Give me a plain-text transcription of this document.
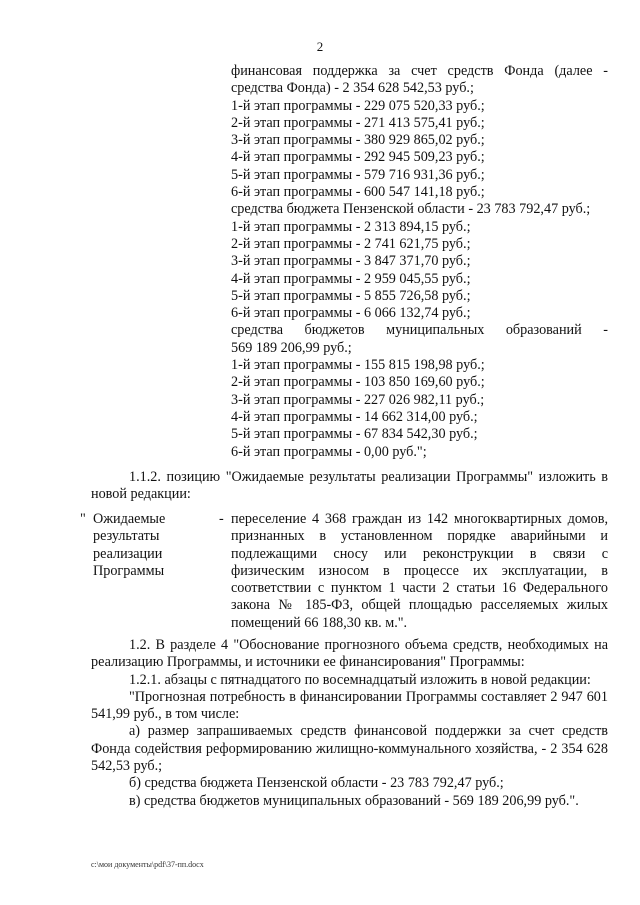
2
финансовая поддержка за счет средств Фонда (далее -
средства Фонда) - 2 354 628 542,53 руб.;
1-й этап программы - 229 075 520,33 руб.;
2-й этап программы - 271 413 575,41 руб.;
3-й этап программы - 380 929 865,02 руб.;
4-й этап программы - 292 945 509,23 руб.;
5-й этап программы - 579 716 931,36 руб.;
6-й этап программы - 600 547 141,18 руб.;
средства бюджета Пензенской области - 23 783 792,47 руб.;
1-й этап программы - 2 313 894,15 руб.;
2-й этап программы - 2 741 621,75 руб.;
3-й этап программы - 3 847 371,70 руб.;
4-й этап программы - 2 959 045,55 руб.;
5-й этап программы - 5 855 726,58 руб.;
6-й этап программы - 6 066 132,74 руб.;
средства бюджетов муниципальных образований -
569 189 206,99 руб.;
1-й этап программы - 155 815 198,98 руб.;
2-й этап программы - 103 850 169,60 руб.;
3-й этап программы - 227 026 982,11 руб.;
4-й этап программы - 14 662 314,00 руб.;
5-й этап программы - 67 834 542,30 руб.;
6-й этап программы - 0,00 руб.";

1.1.2. позицию "Ожидаемые результаты реализации Программы" изложить в новой редакции:

" Ожидаемые
результаты
реализации
Программы
- переселение 4 368 граждан из 142 многоквартирных домов, признанных в установленном порядке аварийными и подлежащими сносу или реконструкции в связи с физическим износом в процессе их эксплуатации, в соответствии с пунктом 1 части 2 статьи 16 Федерального закона № 185-ФЗ, общей площадью расселяемых жилых помещений 66 188,30 кв. м.".

1.2. В разделе 4 "Обоснование прогнозного объема средств, необходимых на реализацию Программы, и источники ее финансирования" Программы:

1.2.1. абзацы с пятнадцатого по восемнадцатый изложить в новой редакции:

"Прогнозная потребность в финансировании Программы составляет 2 947 601 541,99 руб., в том числе:

а) размер запрашиваемых средств финансовой поддержки за счет средств Фонда содействия реформированию жилищно-коммунального хозяйства, - 2 354 628 542,53 руб.;

б) средства бюджета Пензенской области - 23 783 792,47 руб.;

в) средства бюджетов муниципальных образований - 569 189 206,99 руб.".

c:\мои документы\pdf\37-пп.docx
